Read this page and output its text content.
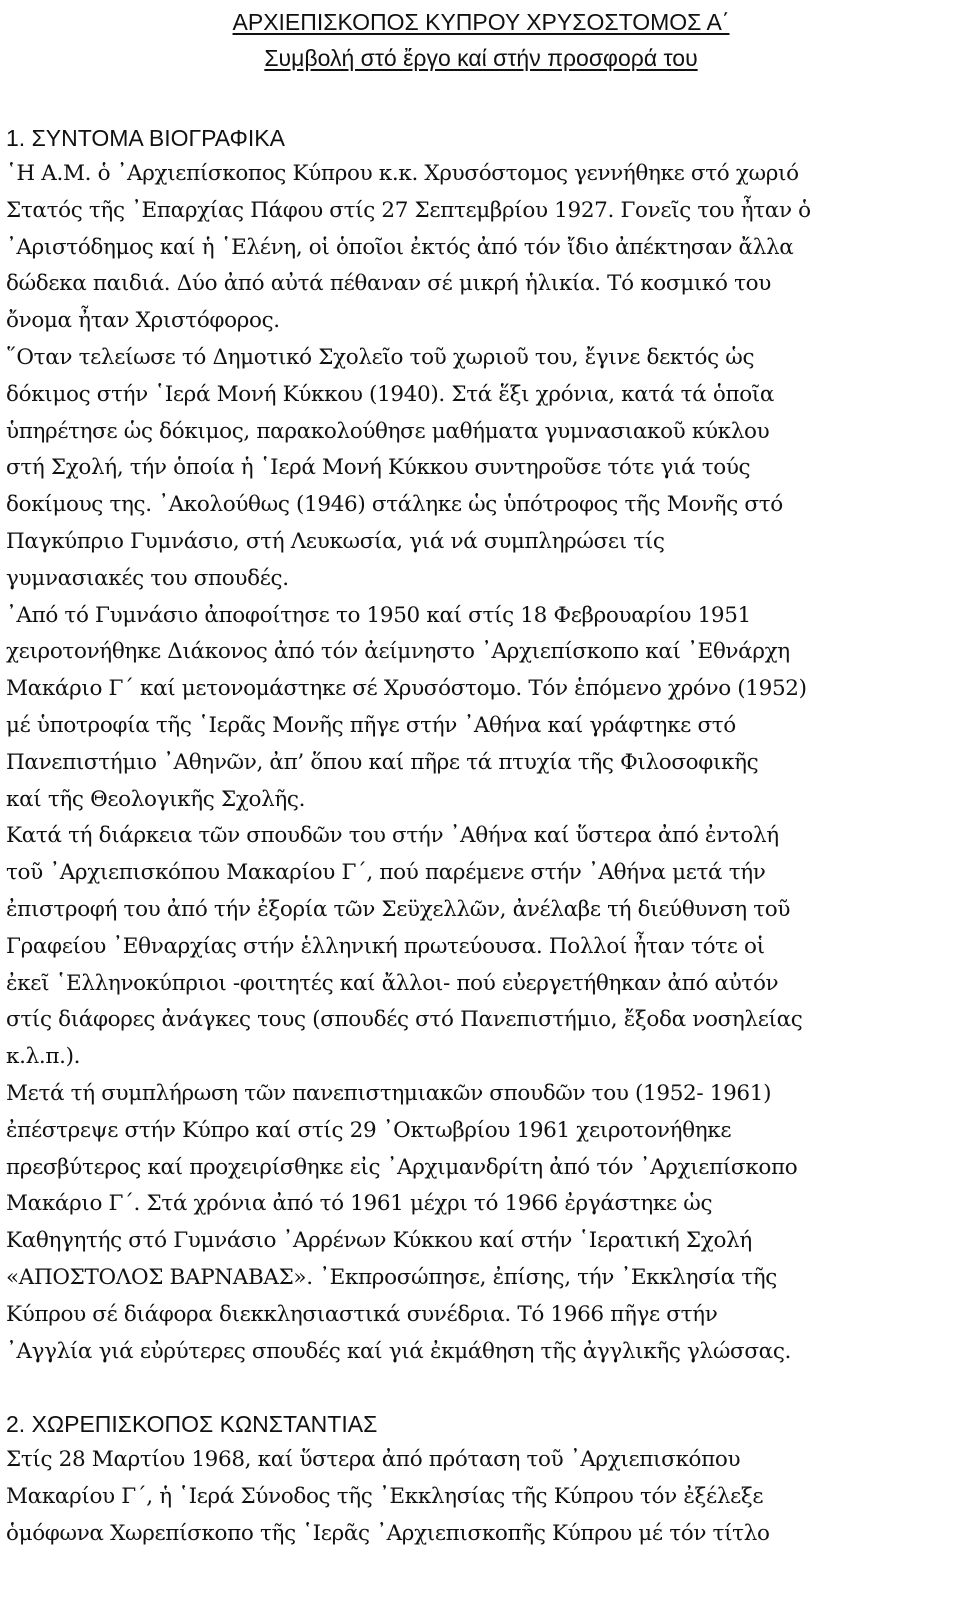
ΑΡΧΙΕΠΙΣΚΟΠΟΣ ΚΥΠΡΟΥ ΧΡΥΣΟΣΤΟΜΟΣ Α΄
Συμβολή στό ἔργο καί στήν προσφορά του
1. ΣΥΝΤΟΜΑ ΒΙΟΓΡΑΦΙΚΑ

῾Η Α.Μ. ὁ ᾿Αρχιεπίσκοπος Κύπρου κ.κ. Χρυσόστομος γεννήθηκε στό χωριό
Στατός τῆς ᾿Επαρχίας Πάφου στίς 27 Σεπτεμβρίου 1927. Γονεῖς του ἦταν ὁ
᾿Αριστόδημος καί ἡ ῾Ελένη, οἱ ὁποῖοι ἐκτός ἀπό τόν ἴδιο ἀπέκτησαν ἄλλα
δώδεκα παιδιά. Δύο ἀπό αὐτά πέθαναν σέ μικρή ἡλικία. Τό κοσμικό του
ὄνομα ἦταν Χριστόφορος.

῞Οταν τελείωσε τό Δημοτικό Σχολεῖο τοῦ χωριοῦ του, ἔγινε δεκτός ὡς
δόκιμος στήν ῾Ιερά Μονή Κύκκου (1940). Στά ἕξι χρόνια, κατά τά ὁποῖα
ὑπηρέτησε ὡς δόκιμος, παρακολούθησε μαθήματα γυμνασιακοῦ κύκλου
στή Σχολή, τήν ὁποία ἡ ῾Ιερά Μονή Κύκκου συντηροῦσε τότε γιά τούς
δοκίμους της. ᾿Ακολούθως (1946) στάληκε ὡς ὑπότροφος τῆς Μονῆς στό
Παγκύπριο Γυμνάσιο, στή Λευκωσία, γιά νά συμπληρώσει τίς
γυμνασιακές του σπουδές.

᾿Από τό Γυμνάσιο ἀποφοίτησε το 1950 καί στίς 18 Φεβρουαρίου 1951
χειροτονήθηκε Διάκονος ἀπό τόν ἀείμνηστο ᾿Αρχιεπίσκοπο καί ᾿Εθνάρχη
Μακάριο Γ΄ καί μετονομάστηκε σέ Χρυσόστομο. Τόν ἑπόμενο χρόνο (1952)
μέ ὑποτροφία τῆς ῾Ιερᾶς Μονῆς πῆγε στήν ᾿Αθήνα καί γράφτηκε στό
Πανεπιστήμιο ᾿Αθηνῶν, ἀπ’ ὅπου καί πῆρε τά πτυχία τῆς Φιλοσοφικῆς
καί τῆς Θεολογικῆς Σχολῆς.

Κατά τή διάρκεια τῶν σπουδῶν του στήν ᾿Αθήνα καί ὕστερα ἀπό ἐντολή
τοῦ ᾿Αρχιεπισκόπου Μακαρίου Γ΄, πού παρέμενε στήν ᾿Αθήνα μετά τήν
ἐπιστροφή του ἀπό τήν ἐξορία τῶν Σεϋχελλῶν, ἀνέλαβε τή διεύθυνση τοῦ
Γραφείου ᾿Εθναρχίας στήν ἑλληνική πρωτεύουσα. Πολλοί ἦταν τότε οἱ
ἐκεῖ ῾Ελληνοκύπριοι -φοιτητές καί ἄλλοι- πού εὐεργετήθηκαν ἀπό αὐτόν
στίς διάφορες ἀνάγκες τους (σπουδές στό Πανεπιστήμιο, ἔξοδα νοσηλείας
κ.λ.π.).

Μετά τή συμπλήρωση τῶν πανεπιστημιακῶν σπουδῶν του (1952- 1961)
ἐπέστρεψε στήν Κύπρο καί στίς 29 ᾿Οκτωβρίου 1961 χειροτονήθηκε
πρεσβύτερος καί προχειρίσθηκε εἰς ᾿Αρχιμανδρίτη ἀπό τόν ᾿Αρχιεπίσκοπο
Μακάριο Γ΄. Στά χρόνια ἀπό τό 1961 μέχρι τό 1966 ἐργάστηκε ὡς
Καθηγητής στό Γυμνάσιο ᾿Αρρένων Κύκκου καί στήν ῾Ιερατική Σχολή
«ΑΠΟΣΤΟΛΟΣ ΒΑΡΝΑΒΑΣ». ᾿Εκπροσώπησε, ἐπίσης, τήν ᾿Εκκλησία τῆς
Κύπρου σέ διάφορα διεκκλησιαστικά συνέδρια. Τό 1966 πῆγε στήν
᾿Αγγλία γιά εὐρύτερες σπουδές καί γιά ἐκμάθηση τῆς ἀγγλικῆς γλώσσας.

2. ΧΩΡΕΠΙΣΚΟΠΟΣ ΚΩΝΣΤΑΝΤΙΑΣ

Στίς 28 Μαρτίου 1968, καί ὕστερα ἀπό πρόταση τοῦ ᾿Αρχιεπισκόπου
Μακαρίου Γ΄, ἡ ῾Ιερά Σύνοδος τῆς ᾿Εκκλησίας τῆς Κύπρου τόν ἐξέλεξε
ὁμόφωνα Χωρεπίσκοπο τῆς ῾Ιερᾶς ᾿Αρχιεπισκοπῆς Κύπρου μέ τόν τίτλο
